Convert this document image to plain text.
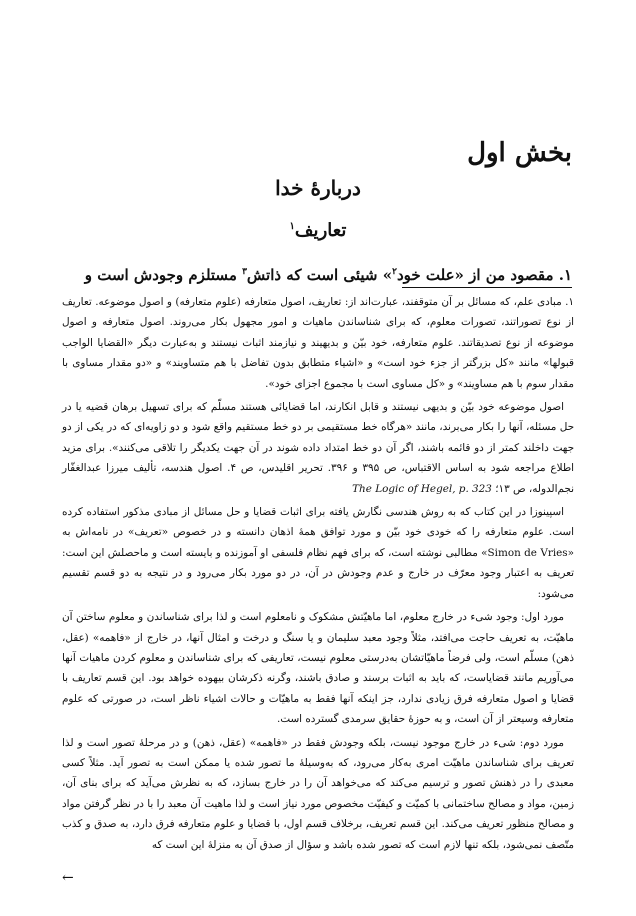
بخش اول
دربارۀ خدا
تعاریف$^۱$

۱. مقصود من از «علت خود$^۲$» شیئی است که ذاتش$^۳$ مستلزم وجودش است و

۱. مبادی علم، که مسائل بر آن متوقفند، عبارت‌اند از: تعاریف، اصول متعارفه (علوم متعارفه) و اصول موضوعه. تعاریف از نوع تصوراتند، تصورات معلوم، که برای شناساندن ماهیات و امور مجهول بکار می‌روند. اصول متعارفه و اصول موضوعه از نوع تصدیقاتند. علوم متعارفه، خود بیّن و بدیهیند و نیازمند اثبات نیستند و به‌عبارت دیگر «القضایا الواجب قبولها» مانند «کل بزرگتر از جزء خود است» و «اشیاء متطابق بدون تفاضل با هم متساویند» و «دو مقدار مساوی با مقدار سوم با هم مساویند» و «کل مساوی است با مجموع اجزای خود».

اصول موضوعه خود بیّن و بدیهی نیستند و قابل انکارند، اما قضایائی هستند مسلّم که برای تسهیل برهان قضیه یا در حل مسئله، آنها را بکار می‌برند، مانند «هرگاه خط مستقیمی بر دو خط مستقیم واقع شود و دو زاویه‌ای که در یکی از دو جهت داخلند کمتر از دو قائمه باشند، اگر آن دو خط امتداد داده شوند در آن جهت یکدیگر را تلاقی می‌کنند». برای مزید اطلاع مراجعه شود به اساس الاقتباس، ص ۳۹۵ و ۳۹۶. تحریر اقلیدس، ص ۴. اصول هندسه، تألیف میرزا عبدالغفّار نجم‌الدوله، ص ۱۳؛ The Logic of Hegel, p. 323

اسپینوزا در این کتاب که به روش هندسی نگارش یافته برای اثبات قضایا و حل مسائل از مبادی مذکور استفاده کرده است. علوم متعارفه را که خودی خود بیّن و مورد توافق همهٔ اذهان دانسته و در خصوص «تعریف» در نامه‌اش به «Simon de Vries» مطالبی نوشته است، که برای فهم نظام فلسفی او آموزنده و بایسته است و ماحصلش این است: تعریف به اعتبار وجود معرّف در خارج و عدم وجودش در آن، در دو مورد بکار می‌رود و در نتیجه به دو قسم تقسیم می‌شود:

مورد اول: وجود شیء در خارج معلوم، اما ماهیّتش مشکوک و نامعلوم است و لذا برای شناساندن و معلوم ساختن آن ماهیّت، به تعریف حاجت می‌افتد، مثلاً وجود معبد سلیمان و یا سنگ و درخت و امثال آنها، در خارج از «فاهمه» (عقل، ذهن) مسلّم است، ولی فرضاً ماهیّاتشان به‌درستی معلوم نیست، تعاریفی که برای شناساندن و معلوم کردن ماهیات آنها می‌آوریم مانند قضایاست، که باید به اثبات برسند و صادق باشند، وگرنه ذکرشان بیهوده خواهد بود. این قسم تعاریف با قضایا و اصول متعارفه فرق زیادی ندارد، جز اینکه آنها فقط به ماهیّات و حالات اشیاء ناظر است، در صورتی که علوم متعارفه وسیعتر از آن است، و به حوزهٔ حقایق سرمدی گسترده است.

مورد دوم: شیء در خارج موجود نیست، بلکه وجودش فقط در «فاهمه» (عقل، ذهن) و در مرحلهٔ تصور است و لذا تعریف برای شناساندن ماهیّت امری به‌کار می‌رود، که به‌وسیلهٔ ما تصور شده یا ممکن است به تصور آید. مثلاً کسی معبدی را در ذهنش تصور و ترسیم می‌کند که می‌خواهد آن را در خارج بسازد، که به نظرش می‌آید که برای بنای آن، زمین، مواد و مصالح ساختمانی با کمیّت و کیفیّت مخصوص مورد نیاز است و لذا ماهیت آن معبد را با در نظر گرفتن مواد و مصالح منظور تعریف می‌کند. این قسم تعریف، برخلاف قسم اول، با قضایا و علوم متعارفه فرق دارد، به صدق و کذب متّصف نمی‌شود، بلکه تنها لازم است که تصور شده باشد و سؤال از صدق آن به منزلهٔ این است که

←
